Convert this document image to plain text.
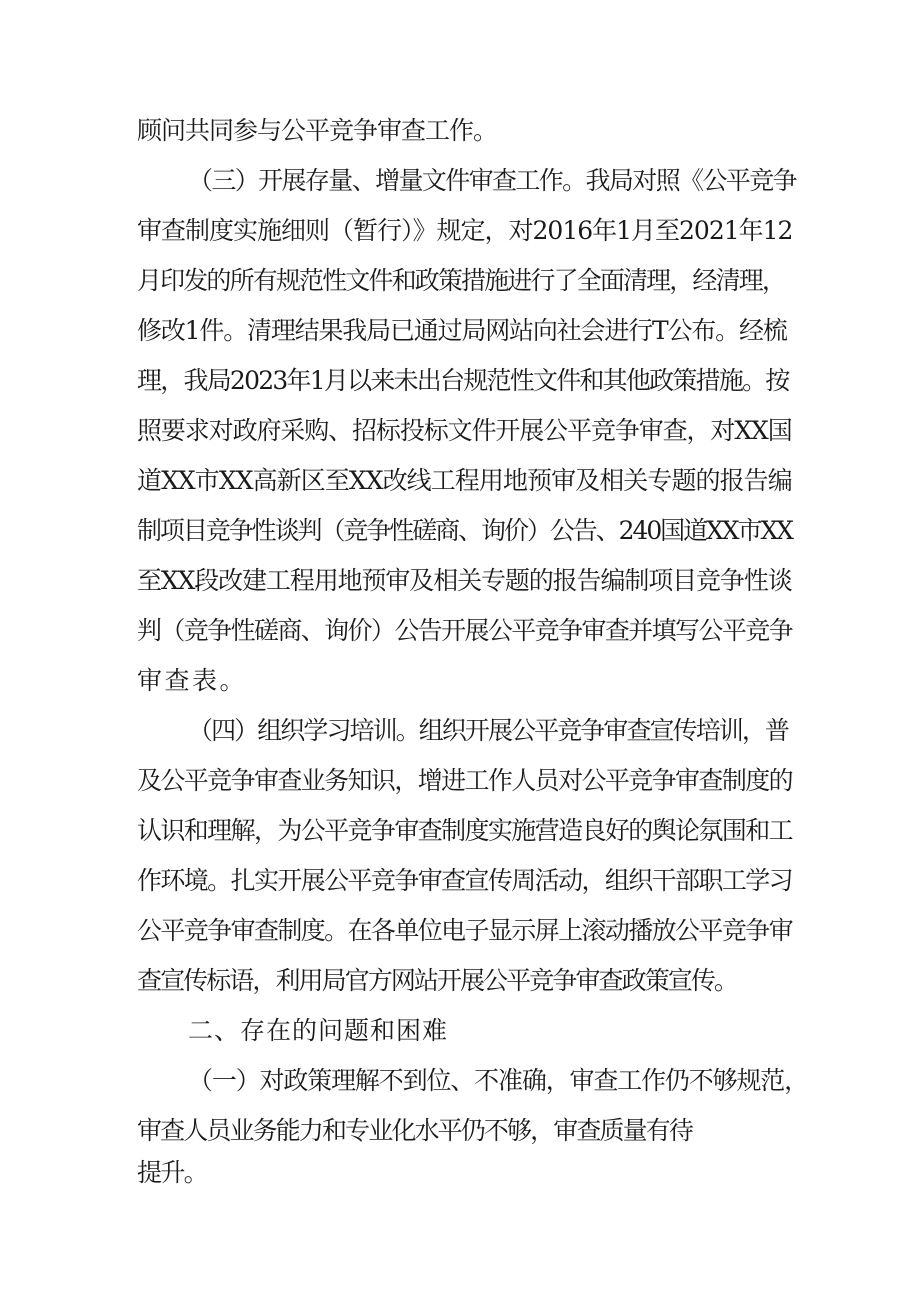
顾问共同参与公平竞争审查工作。
（三）开展存量、增量文件审查工作。我局对照《公平竞争
审查制度实施细则（暂行）》规定，对2016年1月至2021年12
月印发的所有规范性文件和政策措施进行了全面清理，经清理，
修改1件。清理结果我局已通过局网站向社会进行T公布。经梳
理，我局2023年1月以来未出台规范性文件和其他政策措施。按
照要求对政府采购、招标投标文件开展公平竞争审查，对XX国
道XX市XX高新区至XX改线工程用地预审及相关专题的报告编
制项目竞争性谈判（竞争性磋商、询价）公告、240国道XX市XX
至XX段改建工程用地预审及相关专题的报告编制项目竞争性谈
判（竞争性磋商、询价）公告开展公平竞争审查并填写公平竞争
审查表。
（四）组织学习培训。组织开展公平竞争审查宣传培训，普
及公平竞争审查业务知识，增进工作人员对公平竞争审查制度的
认识和理解，为公平竞争审查制度实施营造良好的舆论氛围和工
作环境。扎实开展公平竞争审查宣传周活动，组织干部职工学习
公平竞争审查制度。在各单位电子显示屏上滚动播放公平竞争审
查宣传标语，利用局官方网站开展公平竞争审查政策宣传。
二、存在的问题和困难
（一）对政策理解不到位、不准确，审查工作仍不够规范，
审查人员业务能力和专业化水平仍不够，审查质量有待
提升。
